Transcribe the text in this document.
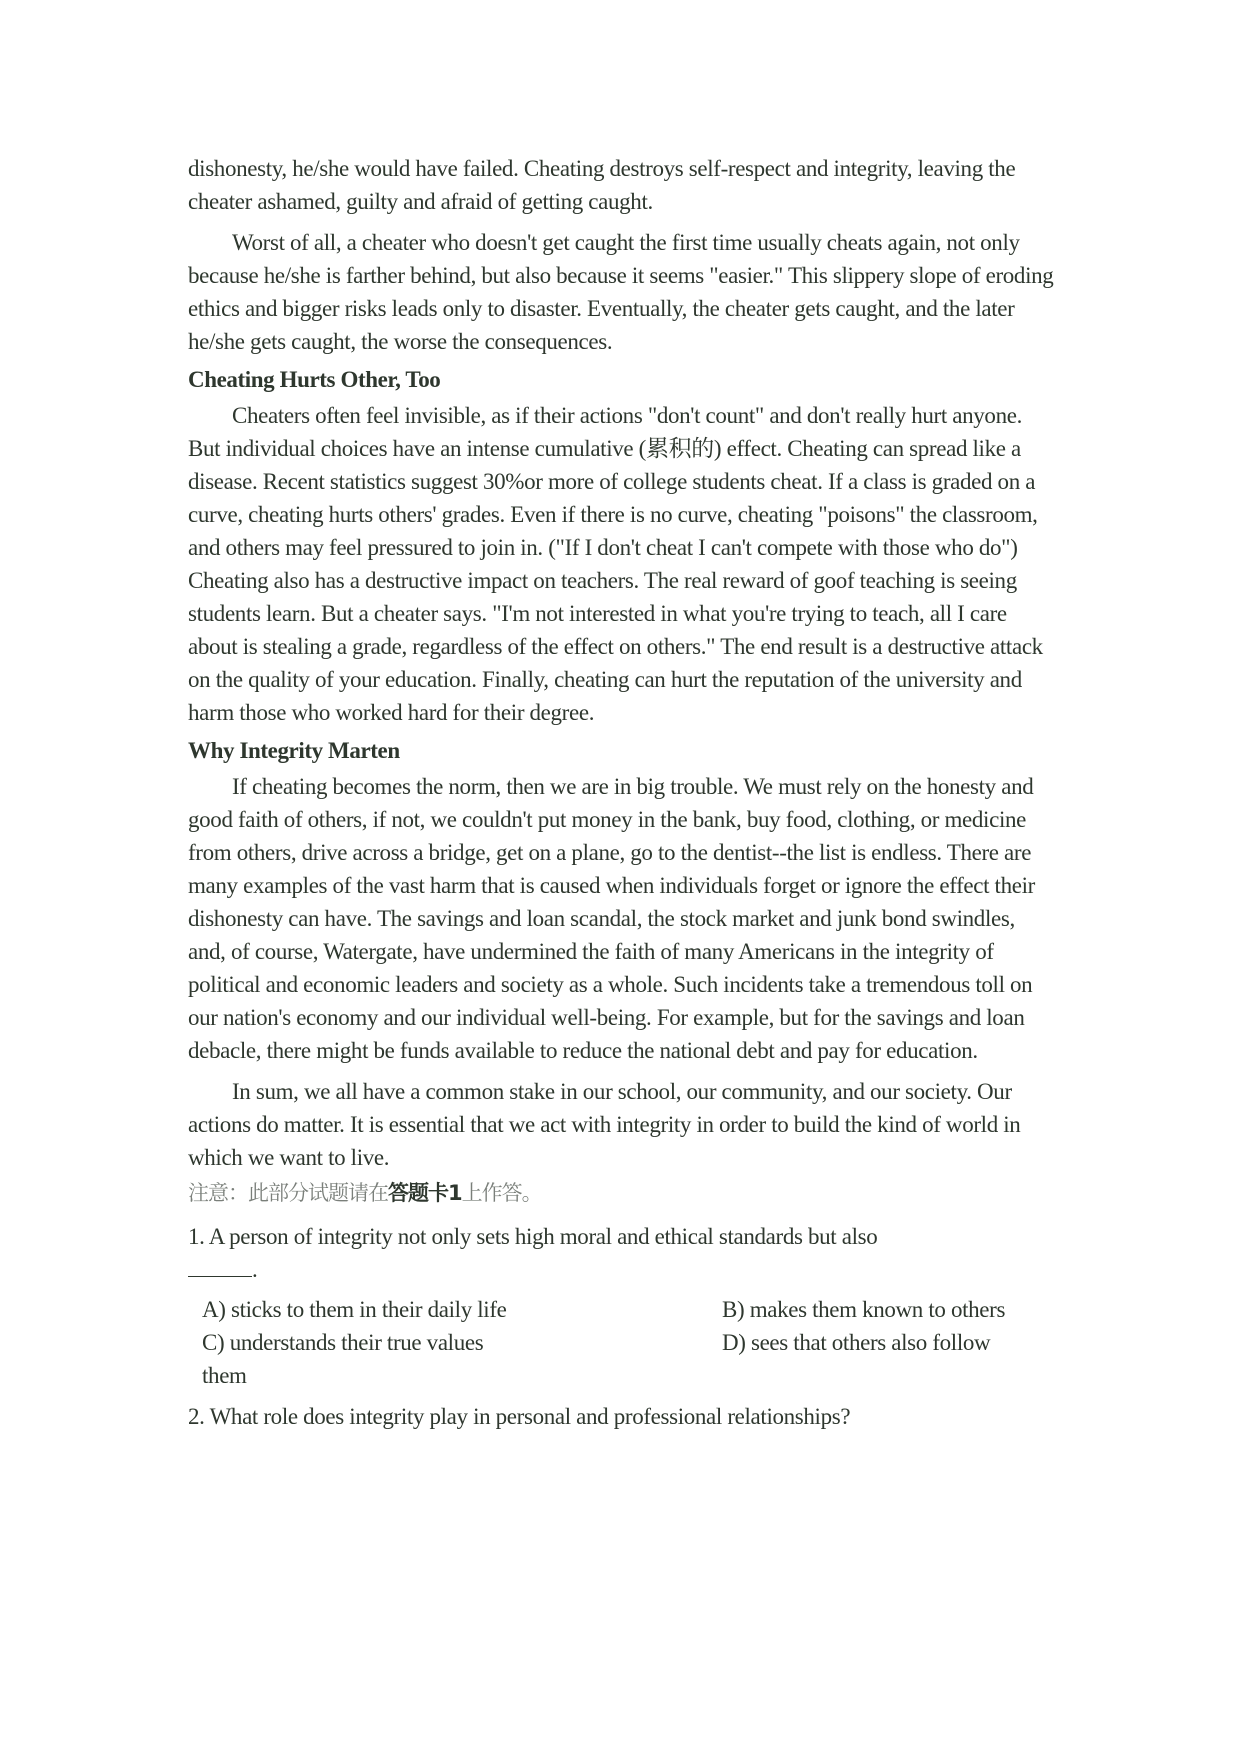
dishonesty, he/she would have failed. Cheating destroys self-respect and integrity, leaving the cheater ashamed, guilty and afraid of getting caught.

Worst of all, a cheater who doesn't get caught the first time usually cheats again, not only because he/she is farther behind, but also because it seems "easier." This slippery slope of eroding ethics and bigger risks leads only to disaster. Eventually, the cheater gets caught, and the later he/she gets caught, the worse the consequences.

Cheating Hurts Other, Too

Cheaters often feel invisible, as if their actions "don't count" and don't really hurt anyone. But individual choices have an intense cumulative (累积的) effect. Cheating can spread like a disease. Recent statistics suggest 30%or more of college students cheat. If a class is graded on a curve, cheating hurts others' grades. Even if there is no curve, cheating "poisons" the classroom, and others may feel pressured to join in. ("If I don't cheat I can't compete with those who do") Cheating also has a destructive impact on teachers. The real reward of goof teaching is seeing students learn. But a cheater says. "I'm not interested in what you're trying to teach, all I care about is stealing a grade, regardless of the effect on others." The end result is a destructive attack on the quality of your education. Finally, cheating can hurt the reputation of the university and harm those who worked hard for their degree.

Why Integrity Marten

If cheating becomes the norm, then we are in big trouble. We must rely on the honesty and good faith of others, if not, we couldn't put money in the bank, buy food, clothing, or medicine from others, drive across a bridge, get on a plane, go to the dentist--the list is endless. There are many examples of the vast harm that is caused when individuals forget or ignore the effect their dishonesty can have. The savings and loan scandal, the stock market and junk bond swindles, and, of course, Watergate, have undermined the faith of many Americans in the integrity of political and economic leaders and society as a whole. Such incidents take a tremendous toll on our nation's economy and our individual well-being. For example, but for the savings and loan debacle, there might be funds available to reduce the national debt and pay for education.

In sum, we all have a common stake in our school, our community, and our society. Our actions do matter. It is essential that we act with integrity in order to build the kind of world in which we want to live.

注意：此部分试题请在答题卡1上作答。

1. A person of integrity not only sets high moral and ethical standards but also

.

A) sticks to them in their daily life	B) makes them known to others
C) understands their true values	D) sees that others also follow
them

2. What role does integrity play in personal and professional relationships?
